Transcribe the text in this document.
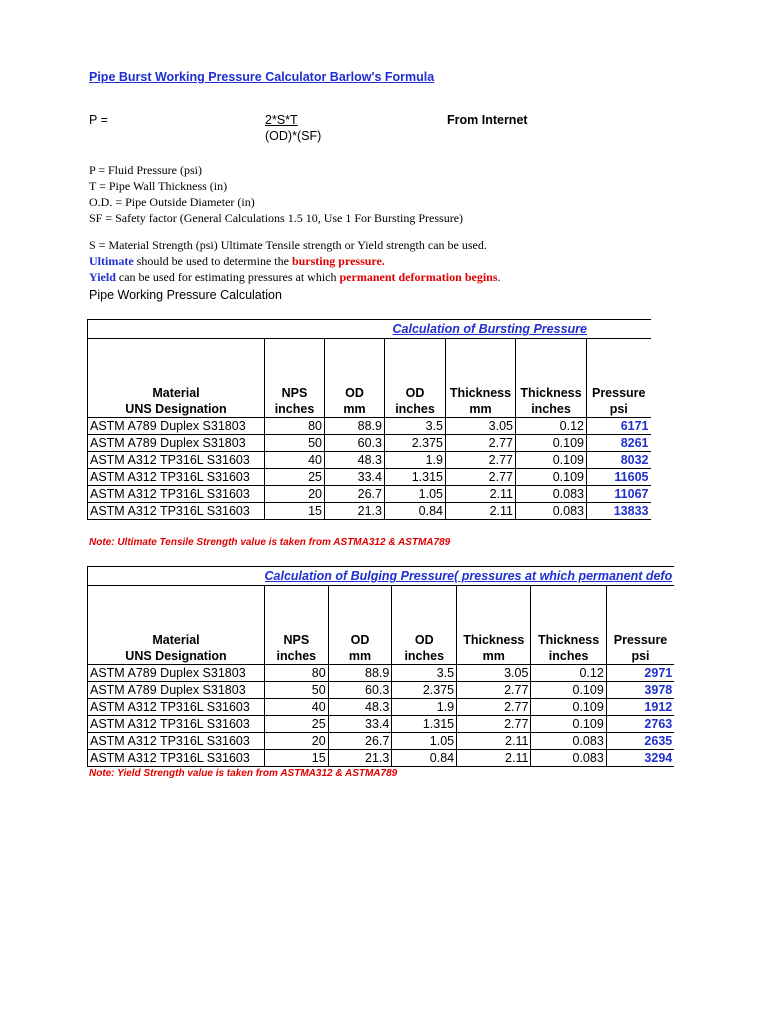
Pipe Burst Working Pressure Calculator Barlow's Formula
P =	2*S*T
(OD)*(SF)
From Internet
P = Fluid Pressure (psi)
T = Pipe Wall Thickness (in)
O.D. = Pipe Outside Diameter (in)
SF = Safety factor (General Calculations 1.5 10, Use 1 For Bursting Pressure)
S = Material Strength (psi) Ultimate Tensile strength or Yield strength can be used.
Ultimate should be used to determine the bursting pressure.
Yield can be used for estimating pressures at which permanent deformation begins.
Pipe Working Pressure Calculation
	Calculation of Bursting Pressure					

Material	NPS	OD	OD	Thickness	Thickness	Pressure
UNS Designation	inches	mm	inches	mm	inches	psi
ASTM A789 Duplex S31803	80	88.9	3.5	3.05	0.12	6171
ASTM A789 Duplex S31803	50	60.3	2.375	2.77	0.109	8261
ASTM A312 TP316L S31603	40	48.3	1.9	2.77	0.109	8032
ASTM A312 TP316L S31603	25	33.4	1.315	2.77	0.109	11605
ASTM A312 TP316L S31603	20	26.7	1.05	2.11	0.083	11067
ASTM A312 TP316L S31603	15	21.3	0.84	2.11	0.083	13833
Note: Ultimate Tensile Strength value is taken from ASTMA312 & ASTMA789
	Calculation of Bulging Pressure( pressures at which permanent defo					

Material	NPS	OD	OD	Thickness	Thickness	Pressure
UNS Designation	inches	mm	inches	mm	inches	psi
ASTM A789 Duplex S31803	80	88.9	3.5	3.05	0.12	2971
ASTM A789 Duplex S31803	50	60.3	2.375	2.77	0.109	3978
ASTM A312 TP316L S31603	40	48.3	1.9	2.77	0.109	1912
ASTM A312 TP316L S31603	25	33.4	1.315	2.77	0.109	2763
ASTM A312 TP316L S31603	20	26.7	1.05	2.11	0.083	2635
ASTM A312 TP316L S31603	15	21.3	0.84	2.11	0.083	3294
Note: Yield Strength value is taken from ASTMA312 & ASTMA789
